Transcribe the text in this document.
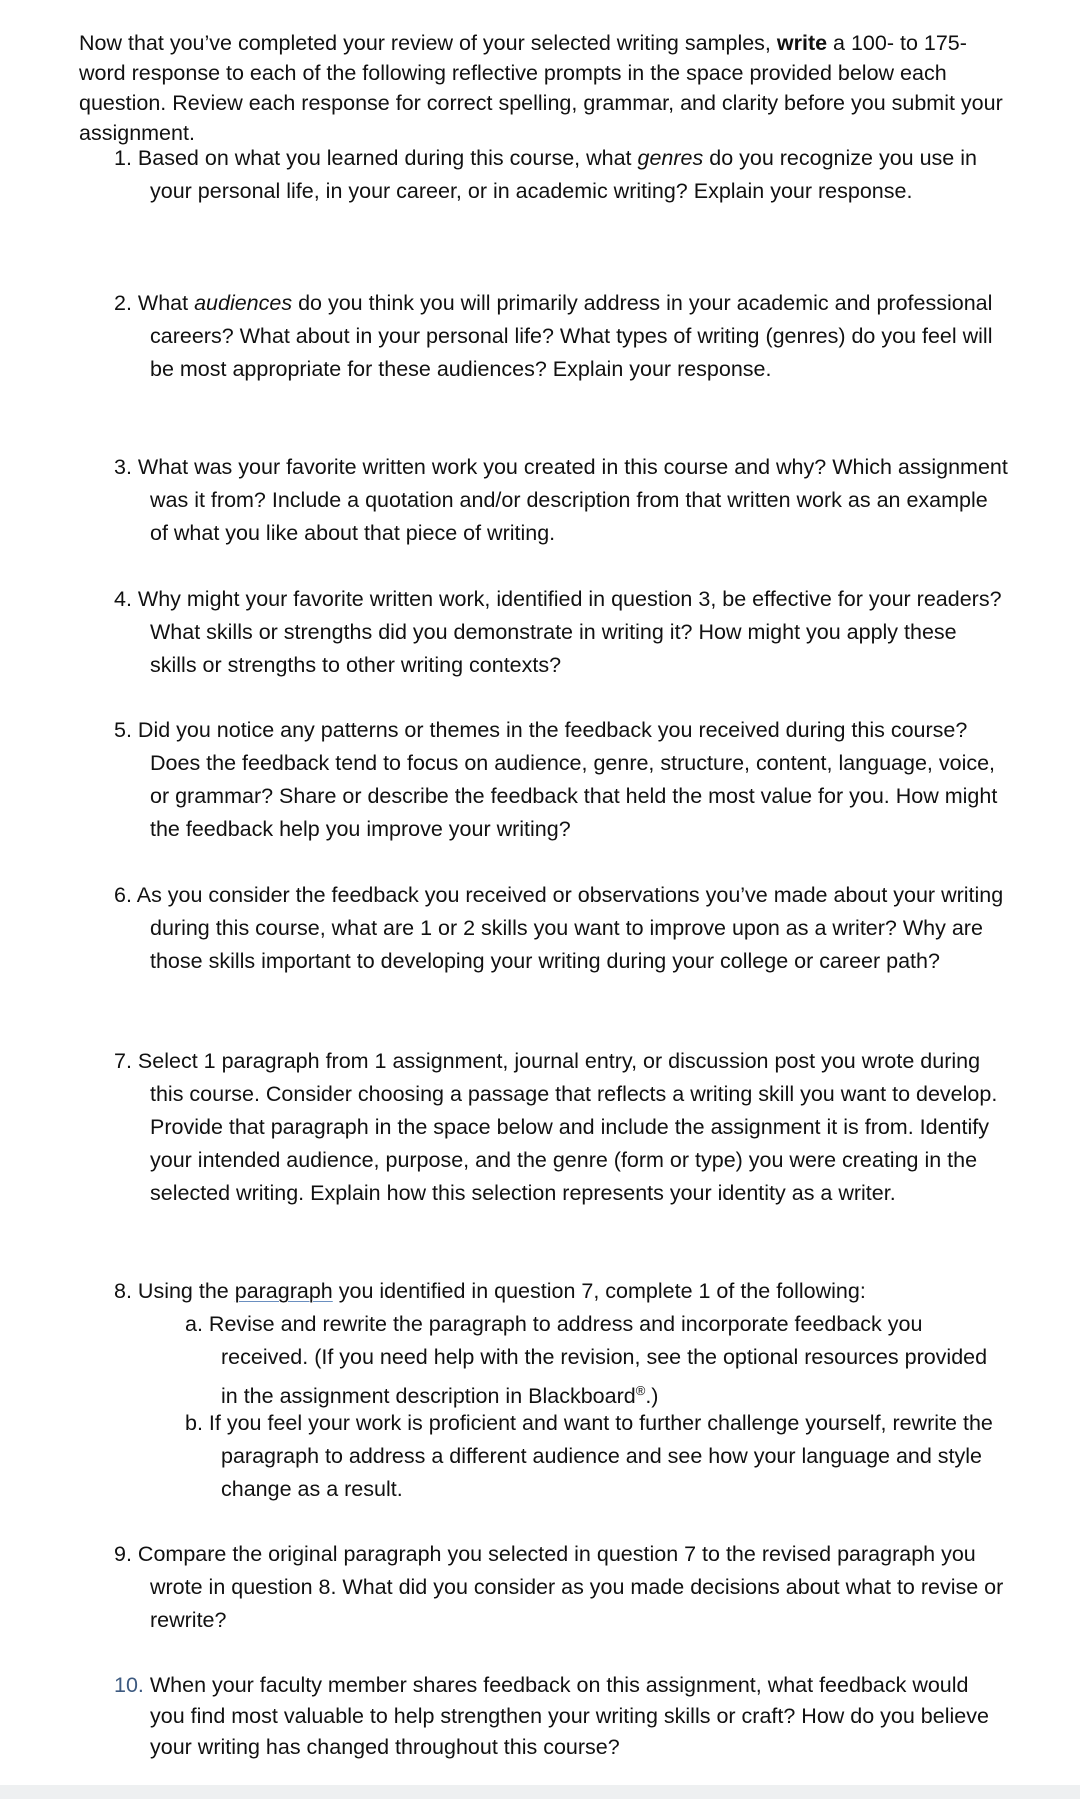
Now that you’ve completed your review of your selected writing samples, write a 100- to 175-word response to each of the following reflective prompts in the space provided below each question. Review each response for correct spelling, grammar, and clarity before you submit your assignment.

1. Based on what you learned during this course, what genres do you recognize you use in your personal life, in your career, or in academic writing? Explain your response.

2. What audiences do you think you will primarily address in your academic and professional careers? What about in your personal life? What types of writing (genres) do you feel will be most appropriate for these audiences? Explain your response.

3. What was your favorite written work you created in this course and why? Which assignment was it from? Include a quotation and/or description from that written work as an example of what you like about that piece of writing.

4. Why might your favorite written work, identified in question 3, be effective for your readers? What skills or strengths did you demonstrate in writing it? How might you apply these skills or strengths to other writing contexts?

5. Did you notice any patterns or themes in the feedback you received during this course? Does the feedback tend to focus on audience, genre, structure, content, language, voice, or grammar? Share or describe the feedback that held the most value for you. How might the feedback help you improve your writing?

6. As you consider the feedback you received or observations you’ve made about your writing during this course, what are 1 or 2 skills you want to improve upon as a writer? Why are those skills important to developing your writing during your college or career path?

7. Select 1 paragraph from 1 assignment, journal entry, or discussion post you wrote during this course. Consider choosing a passage that reflects a writing skill you want to develop. Provide that paragraph in the space below and include the assignment it is from. Identify your intended audience, purpose, and the genre (form or type) you were creating in the selected writing. Explain how this selection represents your identity as a writer.

8. Using the paragraph you identified in question 7, complete 1 of the following:

a. Revise and rewrite the paragraph to address and incorporate feedback you received. (If you need help with the revision, see the optional resources provided in the assignment description in Blackboard®.)

b. If you feel your work is proficient and want to further challenge yourself, rewrite the paragraph to address a different audience and see how your language and style change as a result.

9. Compare the original paragraph you selected in question 7 to the revised paragraph you wrote in question 8. What did you consider as you made decisions about what to revise or rewrite?

10. When your faculty member shares feedback on this assignment, what feedback would you find most valuable to help strengthen your writing skills or craft? How do you believe your writing has changed throughout this course?
